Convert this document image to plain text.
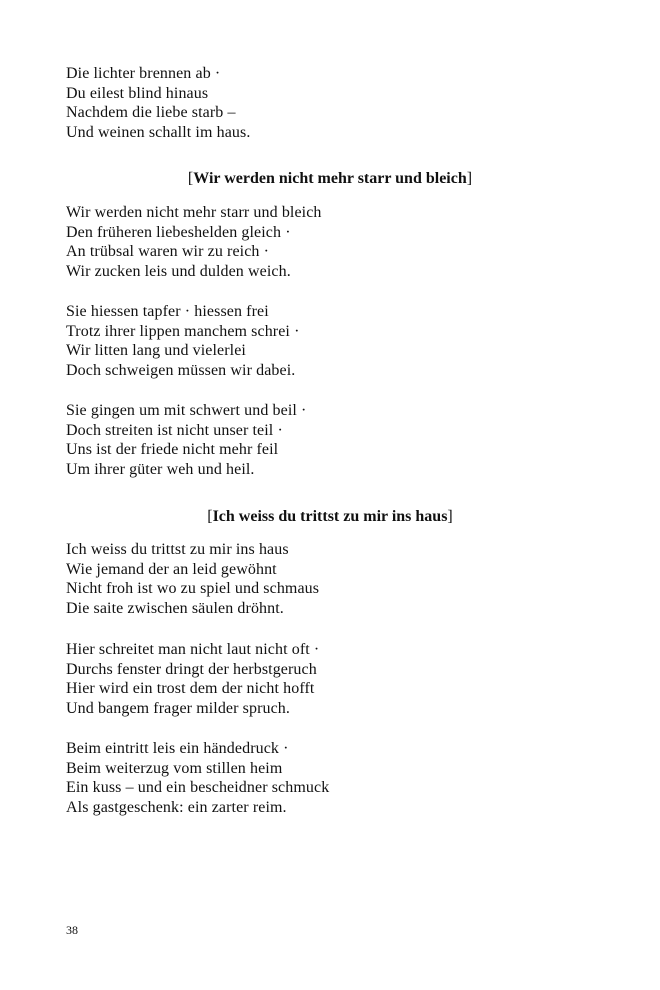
Die lichter brennen ab ·
Du eilest blind hinaus
Nachdem die liebe starb –
Und weinen schallt im haus.
[Wir werden nicht mehr starr und bleich]
Wir werden nicht mehr starr und bleich
Den früheren liebeshelden gleich ·
An trübsal waren wir zu reich ·
Wir zucken leis und dulden weich.
Sie hiessen tapfer · hiessen frei
Trotz ihrer lippen manchem schrei ·
Wir litten lang und vielerlei
Doch schweigen müssen wir dabei.
Sie gingen um mit schwert und beil ·
Doch streiten ist nicht unser teil ·
Uns ist der friede nicht mehr feil
Um ihrer güter weh und heil.
[Ich weiss du trittst zu mir ins haus]
Ich weiss du trittst zu mir ins haus
Wie jemand der an leid gewöhnt
Nicht froh ist wo zu spiel und schmaus
Die saite zwischen säulen dröhnt.
Hier schreitet man nicht laut nicht oft ·
Durchs fenster dringt der herbstgeruch
Hier wird ein trost dem der nicht hofft
Und bangem frager milder spruch.
Beim eintritt leis ein händedruck ·
Beim weiterzug vom stillen heim
Ein kuss – und ein bescheidner schmuck
Als gastgeschenk: ein zarter reim.
38
